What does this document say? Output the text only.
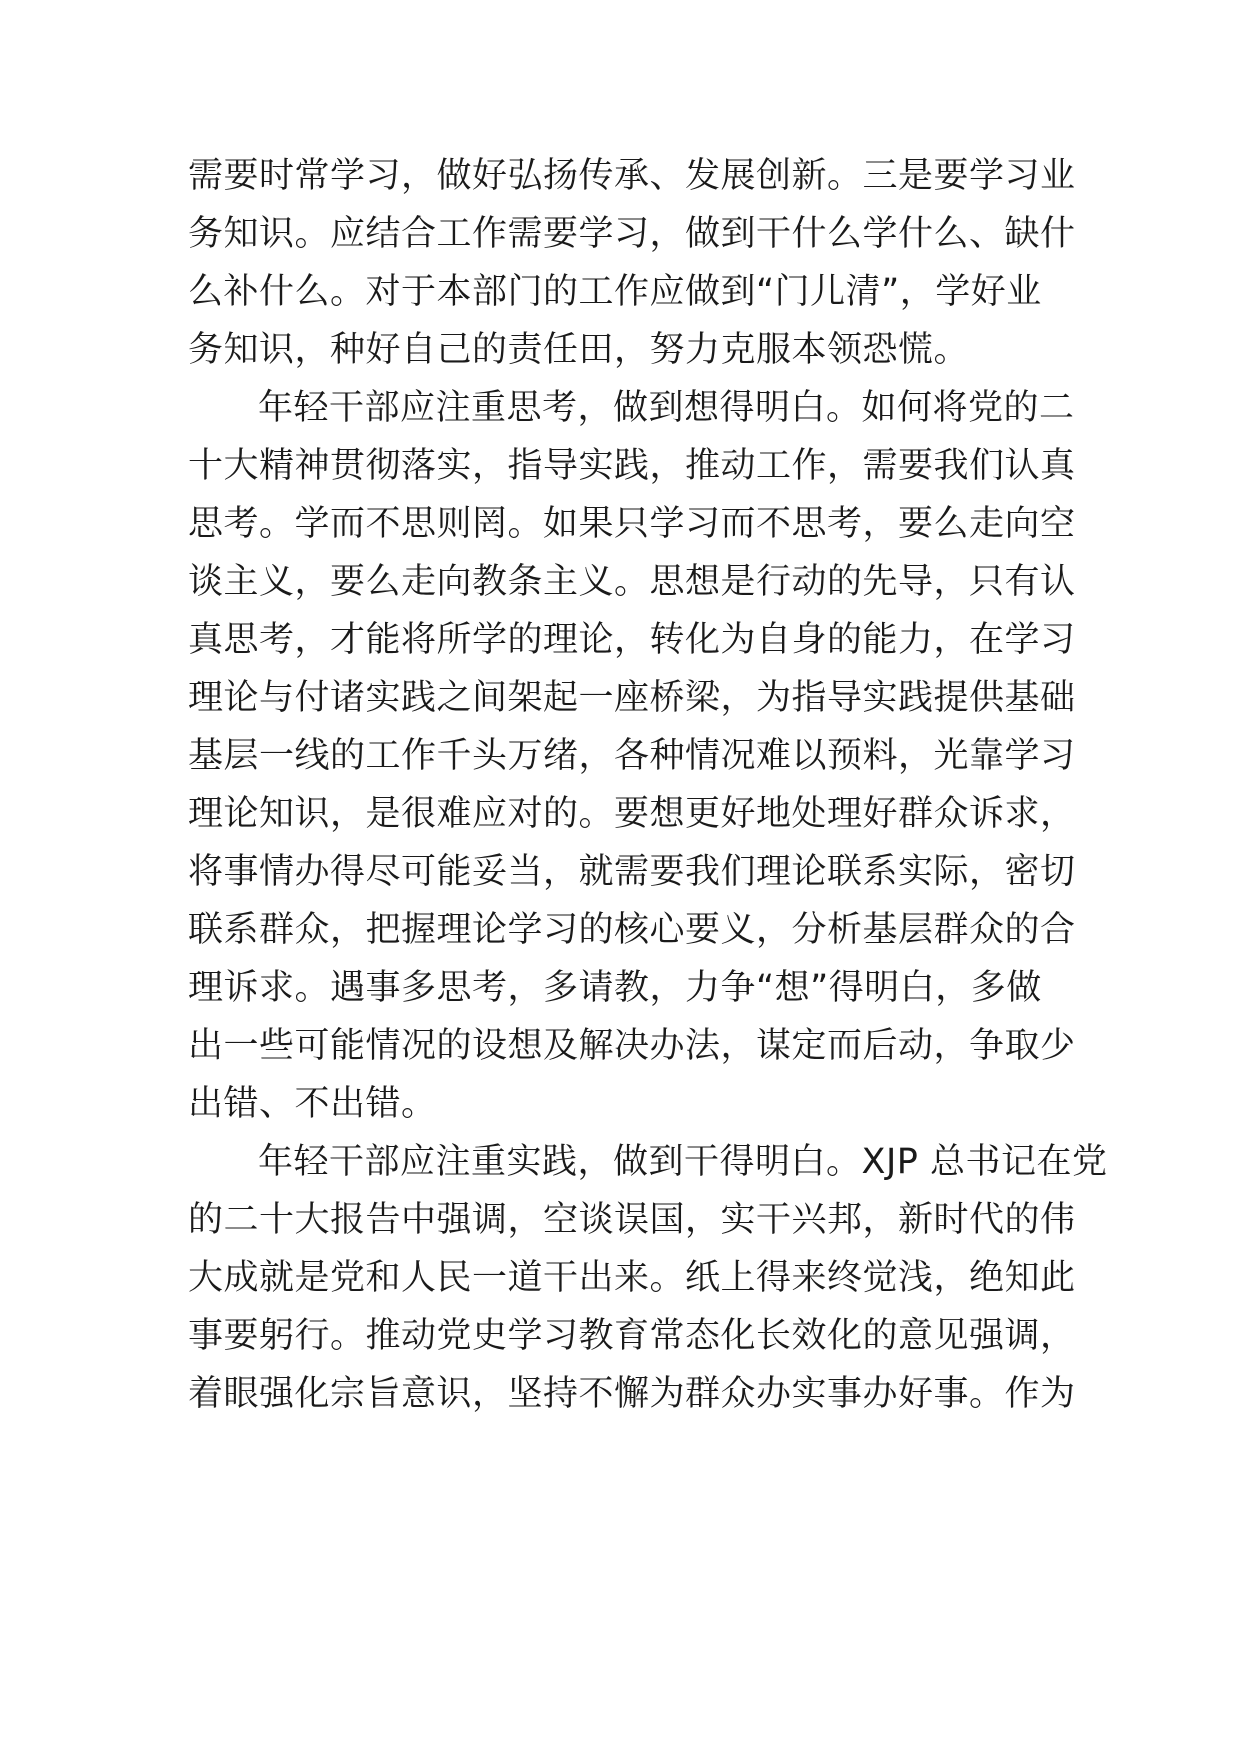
需要时常学习，做好弘扬传承、发展创新。三是要学习业
务知识。应结合工作需要学习，做到干什么学什么、缺什
么补什么。对于本部门的工作应做到“门儿清”，学好业
务知识，种好自己的责任田，努力克服本领恐慌。
年轻干部应注重思考，做到想得明白。如何将党的二
十大精神贯彻落实，指导实践，推动工作，需要我们认真
思考。学而不思则罔。如果只学习而不思考，要么走向空
谈主义，要么走向教条主义。思想是行动的先导，只有认
真思考，才能将所学的理论，转化为自身的能力，在学习
理论与付诸实践之间架起一座桥梁，为指导实践提供基础
基层一线的工作千头万绪，各种情况难以预料，光靠学习
理论知识，是很难应对的。要想更好地处理好群众诉求，
将事情办得尽可能妥当，就需要我们理论联系实际，密切
联系群众，把握理论学习的核心要义，分析基层群众的合
理诉求。遇事多思考，多请教，力争“想”得明白，多做
出一些可能情况的设想及解决办法，谋定而后动，争取少
出错、不出错。
年轻干部应注重实践，做到干得明白。XJP 总书记在党
的二十大报告中强调，空谈误国，实干兴邦，新时代的伟
大成就是党和人民一道干出来。纸上得来终觉浅，绝知此
事要躬行。推动党史学习教育常态化长效化的意见强调，
着眼强化宗旨意识，坚持不懈为群众办实事办好事。作为
